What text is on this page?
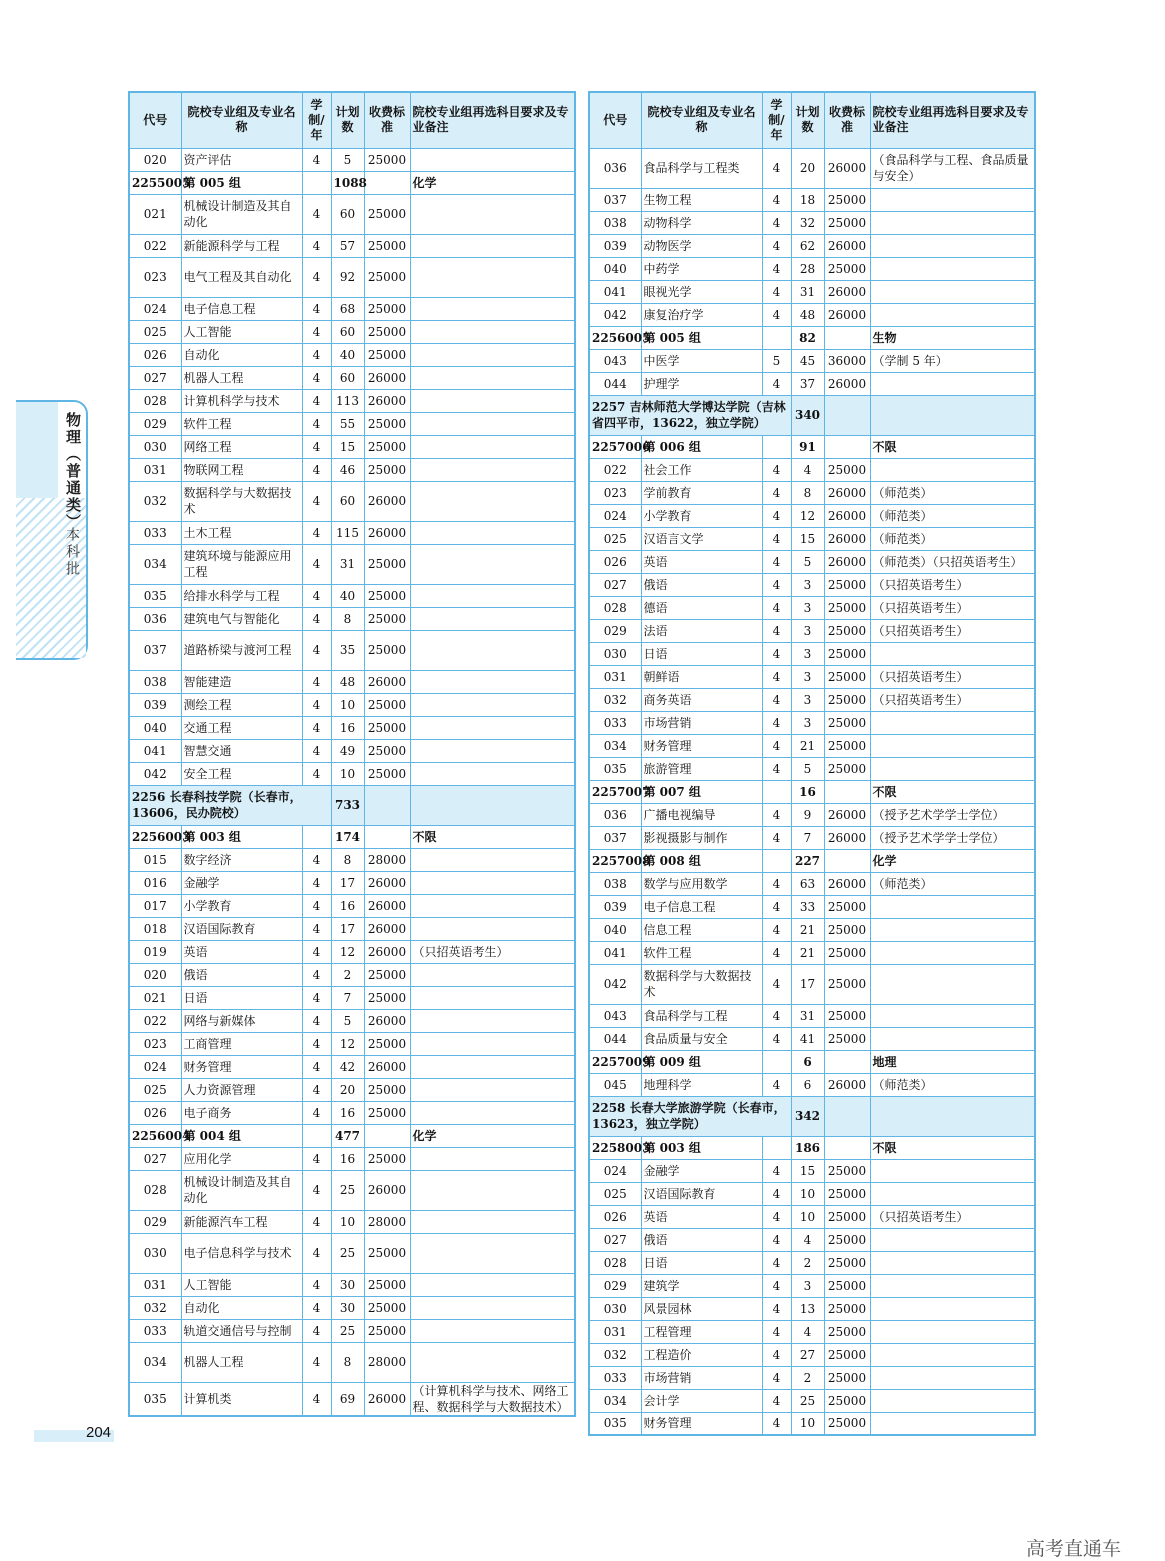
物理（普通类）
本科批
代号	院校专业组及专业名称	学制/年	计划数	收费标准	院校专业组再选科目要求及专业备注
020	资产评估	4	5	25000	
2255005	第 005 组		1088		化学
021	机械设计制造及其自动化	4	60	25000	
022	新能源科学与工程	4	57	25000	
023	电气工程及其自动化	4	92	25000	
024	电子信息工程	4	68	25000	
025	人工智能	4	60	25000	
026	自动化	4	40	25000	
027	机器人工程	4	60	26000	
028	计算机科学与技术	4	113	26000	
029	软件工程	4	55	25000	
030	网络工程	4	15	25000	
031	物联网工程	4	46	25000	
032	数据科学与大数据技术	4	60	26000	
033	土木工程	4	115	26000	
034	建筑环境与能源应用工程	4	31	25000	
035	给排水科学与工程	4	40	25000	
036	建筑电气与智能化	4	8	25000	
037	道路桥梁与渡河工程	4	35	25000	
038	智能建造	4	48	26000	
039	测绘工程	4	10	25000	
040	交通工程	4	16	25000	
041	智慧交通	4	49	25000	
042	安全工程	4	10	25000	
2256 长春科技学院（长春市，13606，民办院校）			733		
2256003	第 003 组		174		不限
015	数字经济	4	8	28000	
016	金融学	4	17	26000	
017	小学教育	4	16	26000	
018	汉语国际教育	4	17	26000	
019	英语	4	12	26000	（只招英语考生）
020	俄语	4	2	25000	
021	日语	4	7	25000	
022	网络与新媒体	4	5	26000	
023	工商管理	4	12	25000	
024	财务管理	4	42	26000	
025	人力资源管理	4	20	25000	
026	电子商务	4	16	25000	
2256004	第 004 组		477		化学
027	应用化学	4	16	25000	
028	机械设计制造及其自动化	4	25	26000	
029	新能源汽车工程	4	10	28000	
030	电子信息科学与技术	4	25	25000	
031	人工智能	4	30	25000	
032	自动化	4	30	25000	
033	轨道交通信号与控制	4	25	25000	
034	机器人工程	4	8	28000	
035	计算机类	4	69	26000	（计算机科学与技术、网络工程、数据科学与大数据技术）
代号	院校专业组及专业名称	学制/年	计划数	收费标准	院校专业组再选科目要求及专业备注
036	食品科学与工程类	4	20	26000	（食品科学与工程、食品质量与安全）
037	生物工程	4	18	25000	
038	动物科学	4	32	25000	
039	动物医学	4	62	26000	
040	中药学	4	28	25000	
041	眼视光学	4	31	26000	
042	康复治疗学	4	48	26000	
2256005	第 005 组		82		生物
043	中医学	5	45	36000	（学制 5 年）
044	护理学	4	37	26000	
2257 吉林师范大学博达学院（吉林省四平市，13622，独立学院）			340		
2257006	第 006 组		91		不限
022	社会工作	4	4	25000	
023	学前教育	4	8	26000	（师范类）
024	小学教育	4	12	26000	（师范类）
025	汉语言文学	4	15	26000	（师范类）
026	英语	4	5	26000	（师范类）（只招英语考生）
027	俄语	4	3	25000	（只招英语考生）
028	德语	4	3	25000	（只招英语考生）
029	法语	4	3	25000	（只招英语考生）
030	日语	4	3	25000	
031	朝鲜语	4	3	25000	（只招英语考生）
032	商务英语	4	3	25000	（只招英语考生）
033	市场营销	4	3	25000	
034	财务管理	4	21	25000	
035	旅游管理	4	5	25000	
2257007	第 007 组		16		不限
036	广播电视编导	4	9	26000	（授予艺术学学士学位）
037	影视摄影与制作	4	7	26000	（授予艺术学学士学位）
2257008	第 008 组		227		化学
038	数学与应用数学	4	63	26000	（师范类）
039	电子信息工程	4	33	25000	
040	信息工程	4	21	25000	
041	软件工程	4	21	25000	
042	数据科学与大数据技术	4	17	25000	
043	食品科学与工程	4	31	25000	
044	食品质量与安全	4	41	25000	
2257009	第 009 组		6		地理
045	地理科学	4	6	26000	（师范类）
2258 长春大学旅游学院（长春市，13623，独立学院）			342		
2258003	第 003 组		186		不限
024	金融学	4	15	25000	
025	汉语国际教育	4	10	25000	
026	英语	4	10	25000	（只招英语考生）
027	俄语	4	4	25000	
028	日语	4	2	25000	
029	建筑学	4	3	25000	
030	风景园林	4	13	25000	
031	工程管理	4	4	25000	
032	工程造价	4	27	25000	
033	市场营销	4	2	25000	
034	会计学	4	25	25000	
035	财务管理	4	10	25000	
204
高考直通车
